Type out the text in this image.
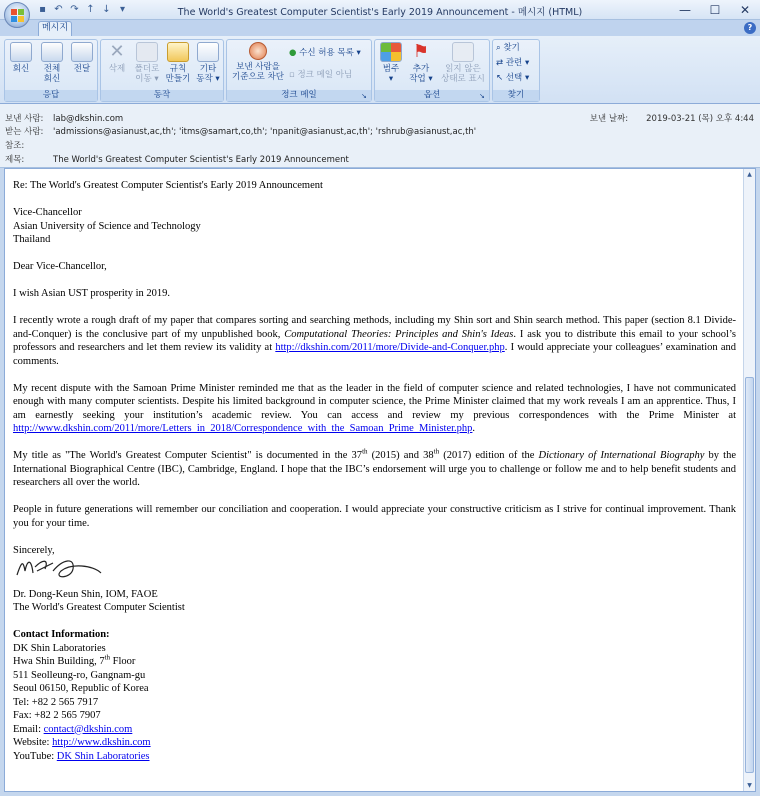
▪ ↶ ↷ ↑ ↓ ▾	The World's Greatest Computer Scientist's Early 2019 Announcement - 메시지 (HTML)	—	☐	✕
메시지	?
회신	전체
회신
전달
응답
✕
삭제	폴더로
이동 ▾
규칙
만들기
기타
동작 ▾
동작
보낸 사람을
기준으로 차단
● 수신 허용 목록 ▾
▫ 정크 메일 아님
정크 메일	↘
범주
▾
⚑
추가
작업 ▾
읽지 않은
상태로 표시
옵션	↘
⌕ 찾기
⇄ 관련 ▾
↖ 선택 ▾
찾기
보낸 사람: lab@dkshin.com
받는 사람: 'admissions@asianust,ac,th'; 'itms@samart,co,th'; 'npanit@asianust,ac,th'; 'rshrub@asianust,ac,th'
참조:
제목:	The World's Greatest Computer Scientist's Early 2019 Announcement
보낸 날짜: 2019-03-21 (목) 오후 4:44

Re: The World's Greatest Computer Scientist's Early 2019 Announcement

Vice-Chancellor
Asian University of Science and Technology
Thailand

Dear Vice-Chancellor,

I wish Asian UST prosperity in 2019.

I recently wrote a rough draft of my paper that compares sorting and searching methods, including my Shin sort and Shin search method. This paper (section 8.1 Divide-and-Conquer) is the conclusive part of my unpublished book, Computational Theories: Principles and Shin's Ideas. I ask you to distribute this email to your school’s professors and researchers and let them review its validity at http://dkshin.com/2011/more/Divide-and-Conquer.php. I would appreciate your colleagues’ examination and comments.

My recent dispute with the Samoan Prime Minister reminded me that as the leader in the field of computer science and related technologies, I have not communicated enough with many computer scientists. Despite his limited background in computer science, the Prime Minister claimed that my work reveals I am an apprentice. Thus, I am earnestly seeking your institution’s academic review. You can access and review my previous correspondences with the Prime Minister at http://www.dkshin.com/2011/more/Letters_in_2018/Correspondence_with_the_Samoan_Prime_Minister.php.

My title as "The World's Greatest Computer Scientist" is documented in the 37th (2015) and 38th (2017) edition of the Dictionary of International Biography by the International Biographical Centre (IBC), Cambridge, England. I hope that the IBC’s endorsement will urge you to challenge or follow me and to help benefit students and researchers all over the world.

People in future generations will remember our conciliation and cooperation. I would appreciate your constructive criticism as I strive for continual improvement. Thank you for your time.

Sincerely,
Dr. Dong-Keun Shin, IOM, FAOE
The World's Greatest Computer Scientist
Contact Information:
DK Shin Laboratories
Hwa Shin Building, 7th Floor
511 Seolleung-ro, Gangnam-gu
Seoul 06150, Republic of Korea
Tel: +82 2 565 7917
Fax: +82 2 565 7907
Email: contact@dkshin.com
Website: http://www.dkshin.com
YouTube: DK Shin Laboratories
▲
▼
